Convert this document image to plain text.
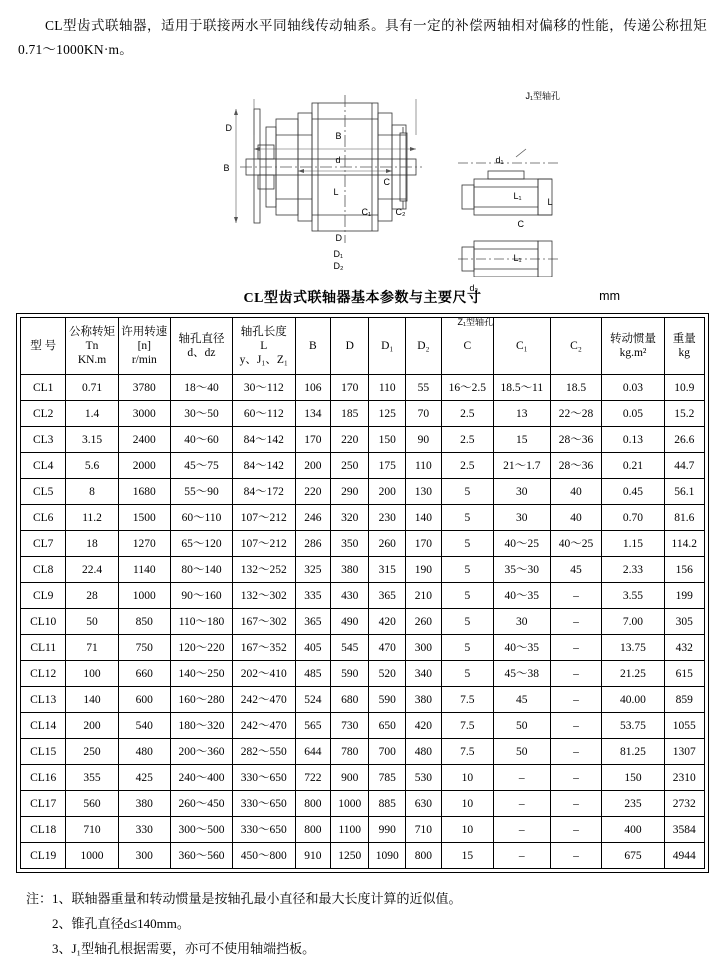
CL型齿式联轴器，适用于联接两水平同轴线传动轴系。具有一定的补偿两轴相对偏移的性能，传递公称扭矩0.71～1000KN·m。

B
d
D
B
D
D₁
D₂
L
C
C₁	C₂
J₁型轴孔
Z₁型轴孔
d₁
L₁
d₂
L₁
C
L
CL型齿式联轴器基本参数与主要尺寸	mm
型 号	公称转矩
Tn
KN.m	许用转速
[n]
r/min	轴孔直径
d、dz	轴孔长度
L
y、J₁、Z₁	B	D	D₁	D₂	C	C₁	C₂	转动惯量
kg.m²	重量
kg

CL1	0.71	3780	18～40	30～112	106	170	110	55	16～2.5	18.5～11	18.5	0.03	10.9
CL2	1.4	3000	30～50	60～112	134	185	125	70	2.5	13	22～28	0.05	15.2
CL3	3.15	2400	40～60	84～142	170	220	150	90	2.5	15	28～36	0.13	26.6
CL4	5.6	2000	45～75	84～142	200	250	175	110	2.5	21～1.7	28～36	0.21	44.7
CL5	8	1680	55～90	84～172	220	290	200	130	5	30	40	0.45	56.1
CL6	11.2	1500	60～110	107～212	246	320	230	140	5	30	40	0.70	81.6
CL7	18	1270	65～120	107～212	286	350	260	170	5	40～25	40～25	1.15	114.2
CL8	22.4	1140	80～140	132～252	325	380	315	190	5	35～30	45	2.33	156
CL9	28	1000	90～160	132～302	335	430	365	210	5	40～35	–	3.55	199
CL10	50	850	110～180	167～302	365	490	420	260	5	30	–	7.00	305
CL11	71	750	120～220	167～352	405	545	470	300	5	40～35	–	13.75	432
CL12	100	660	140～250	202～410	485	590	520	340	5	45～38	–	21.25	615
CL13	140	600	160～280	242～470	524	680	590	380	7.5	45	–	40.00	859
CL14	200	540	180～320	242～470	565	730	650	420	7.5	50	–	53.75	1055
CL15	250	480	200～360	282～550	644	780	700	480	7.5	50	–	81.25	1307
CL16	355	425	240～400	330～650	722	900	785	530	10	–	–	150	2310
CL17	560	380	260～450	330～650	800	1000	885	630	10	–	–	235	2732
CL18	710	330	300～500	330～650	800	1100	990	710	10	–	–	400	3584
CL19	1000	300	360～560	450～800	910	1250	1090	800	15	–	–	675	4944
注：1、联轴器重量和转动惯量是按轴孔最小直径和最大长度计算的近似值。
2、锥孔直径d≤140mm。
3、J₁型轴孔根据需要，亦可不使用轴端挡板。
